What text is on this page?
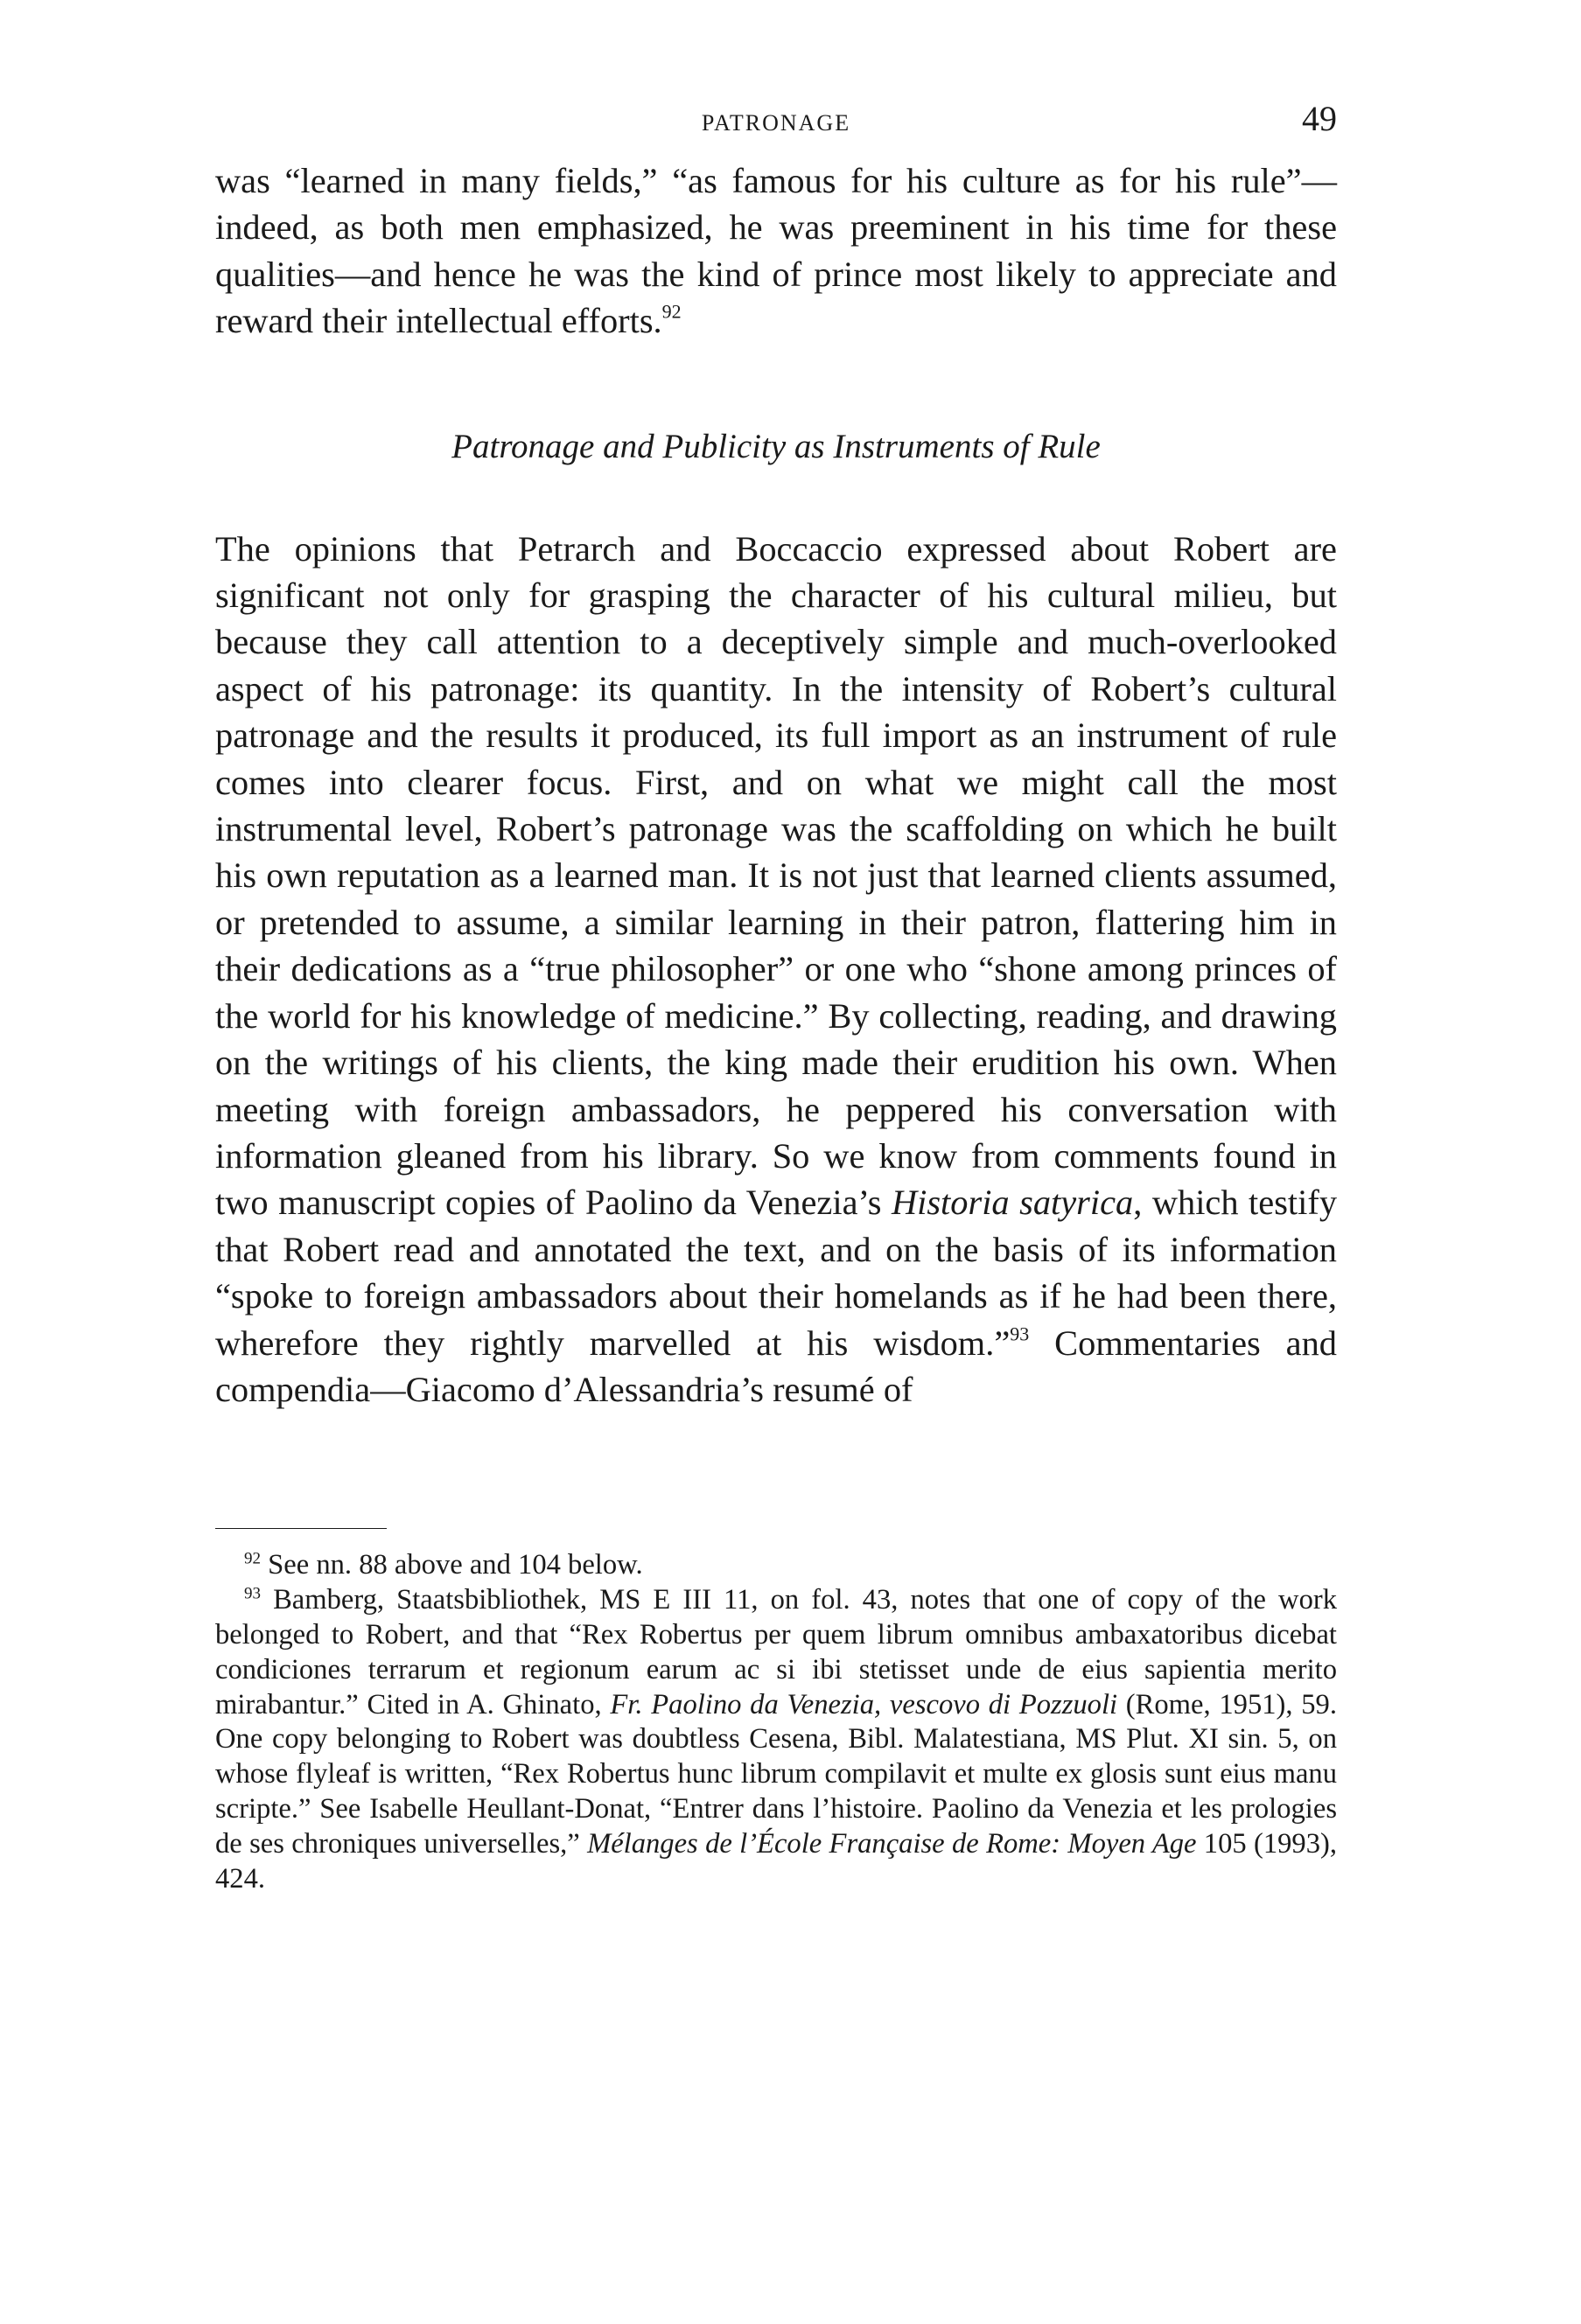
PATRONAGE	49

was “learned in many fields,” “as famous for his culture as for his rule”—indeed, as both men emphasized, he was preeminent in his time for these qualities—and hence he was the kind of prince most likely to appreciate and reward their intellectual efforts.$^{92}$

Patronage and Publicity as Instruments of Rule

The opinions that Petrarch and Boccaccio expressed about Robert are significant not only for grasping the character of his cultural milieu, but because they call attention to a deceptively simple and much-overlooked aspect of his patronage: its quantity. In the intensity of Robert’s cultural patronage and the results it produced, its full import as an instrument of rule comes into clearer focus. First, and on what we might call the most instrumental level, Robert’s patronage was the scaffolding on which he built his own reputation as a learned man. It is not just that learned clients assumed, or pretended to assume, a similar learning in their patron, flattering him in their dedications as a “true philosopher” or one who “shone among princes of the world for his knowledge of medicine.” By collecting, reading, and drawing on the writings of his clients, the king made their erudition his own. When meeting with foreign ambassadors, he peppered his conversation with information gleaned from his library. So we know from comments found in two manuscript copies of Paolino da Venezia’s Historia satyrica, which testify that Robert read and annotated the text, and on the basis of its information “spoke to foreign ambassadors about their homelands as if he had been there, wherefore they rightly marvelled at his wisdom.”$^{93}$ Commentaries and compendia—Giacomo d’Alessandria’s resumé of

$^{92}$ See nn. 88 above and 104 below.

$^{93}$ Bamberg, Staatsbibliothek, MS E III 11, on fol. 43, notes that one of copy of the work belonged to Robert, and that “Rex Robertus per quem librum omnibus ambaxatoribus dicebat condiciones terrarum et regionum earum ac si ibi stetisset unde de eius sapientia merito mirabantur.” Cited in A. Ghinato, Fr. Paolino da Venezia, vescovo di Pozzuoli (Rome, 1951), 59. One copy belonging to Robert was doubtless Cesena, Bibl. Malatestiana, MS Plut. XI sin. 5, on whose flyleaf is written, “Rex Robertus hunc librum compilavit et multe ex glosis sunt eius manu scripte.” See Isabelle Heullant-Donat, “Entrer dans l’histoire. Paolino da Venezia et les prologies de ses chroniques universelles,” Mélanges de l’École Française de Rome: Moyen Age 105 (1993), 424.
